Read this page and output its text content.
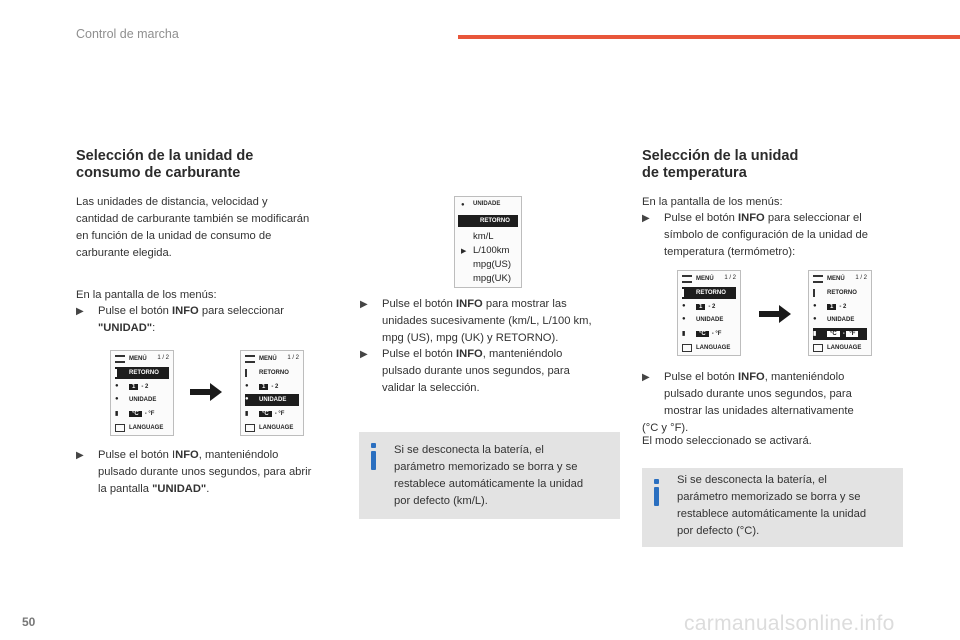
Control de marcha
Selección de la unidad de
consumo de carburante
Las unidades de distancia, velocidad y
cantidad de carburante también se modificarán
en función de la unidad de consumo de
carburante elegida.
En la pantalla de los menús:
▶	Pulse el botón INFO para seleccionar
"UNIDAD":
MENÚ 1 / 2
RETORNO
●	1	-
2
●	UNIDADE
▮	°C	-
°F
LANGUAGE
MENÚ 1 / 2
RETORNO
●	1	-
2
●	UNIDADE
▮	°C	-
°F
LANGUAGE
▶	Pulse el botón INFO, manteniéndolo
pulsado durante unos segundos, para abrir
la pantalla "UNIDAD".
● UNIDADE
RETORNO
km/L
▶ L/100km
mpg(US)
mpg(UK)
▶	Pulse el botón INFO para mostrar las
unidades sucesivamente (km/L, L/100 km,
mpg (US), mpg (UK) y RETORNO).
▶	Pulse el botón INFO, manteniéndolo
pulsado durante unos segundos, para
validar la selección.
Si se desconecta la batería, el
parámetro memorizado se borra y se
restablece automáticamente la unidad
por defecto (km/L).
Selección de la unidad
de temperatura
En la pantalla de los menús:
▶	Pulse el botón INFO para seleccionar el
símbolo de configuración de la unidad de
temperatura (termómetro):
MENÚ 1 / 2
RETORNO
●	1	-
2
●	UNIDADE
▮	°C	-
°F
LANGUAGE
MENÚ 1 / 2
RETORNO
●	1	-
2
●	UNIDADE
▮	°C	-
°F
LANGUAGE
▶	Pulse el botón INFO, manteniéndolo
pulsado durante unos segundos, para
mostrar las unidades alternativamente
(°C y °F).
El modo seleccionado se activará.
Si se desconecta la batería, el
parámetro memorizado se borra y se
restablece automáticamente la unidad
por defecto (°C).
50	carmanualsonline.info
